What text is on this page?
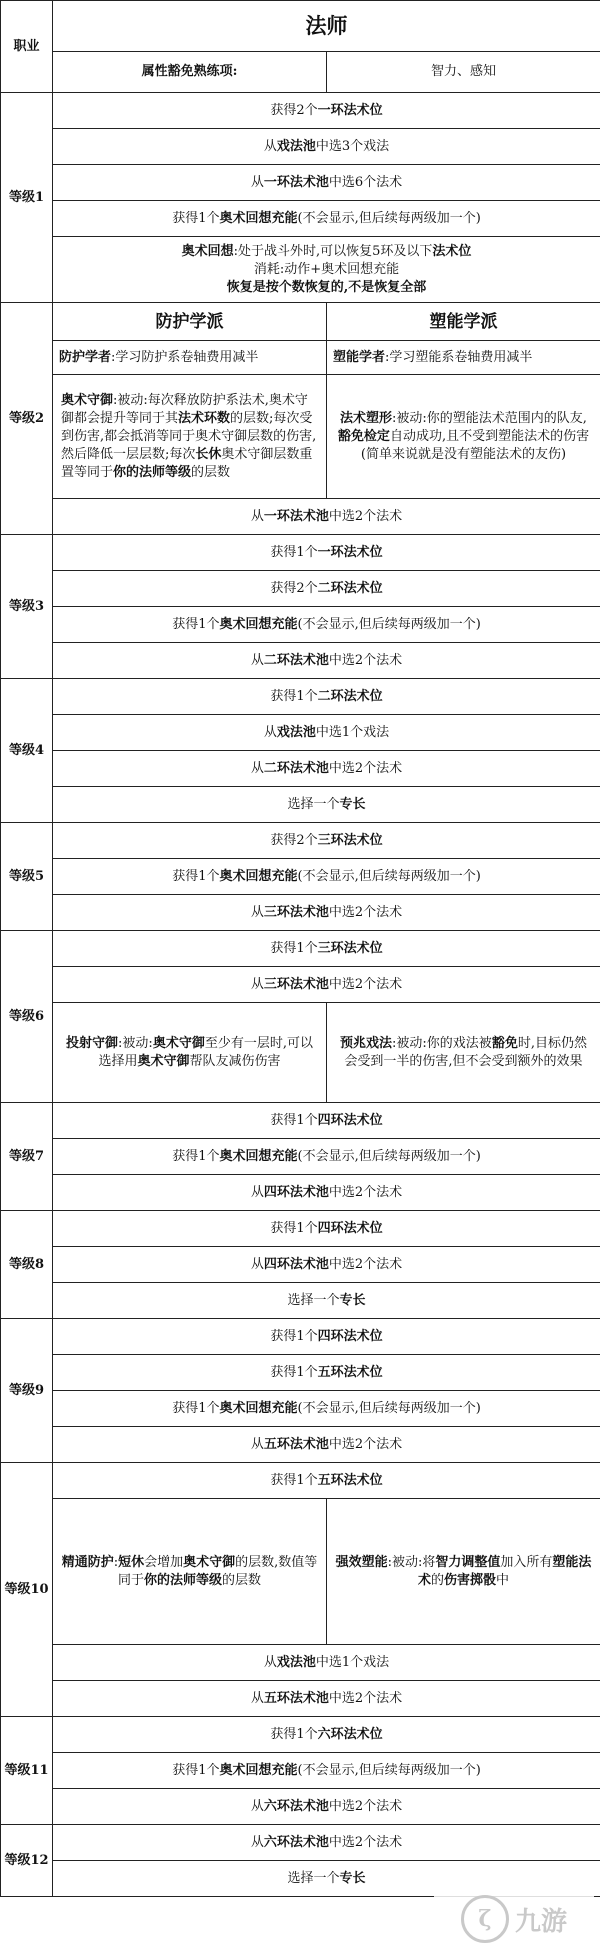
职业	法师	
	属性豁免熟练项:	智力、感知
等级1	获得2个一环法术位	
	从戏法池中选3个戏法	
	从一环法术池中选6个法术	
	获得1个奥术回想充能(不会显示,但后续每两级加一个)	

	奥术回想:处于战斗外时,可以恢复5环及以下法术位
消耗:动作+奥术回想充能
恢复是按个数恢复的,不是恢复全部	

等级2	防护学派	塑能学派
	防护学者:学习防护系卷轴费用减半	塑能学者:学习塑能系卷轴费用减半
	奥术守御:被动:每次释放防护系法术,奥术守御都会提升等同于其法术环数的层数;每次受到伤害,都会抵消等同于奥术守御层数的伤害,然后降低一层层数;每次长休奥术守御层数重置等同于你的法师等级的层数	法术塑形:被动:你的塑能法术范围内的队友,豁免检定自动成功,且不受到塑能法术的伤害
(简单来说就是没有塑能法术的友伤)
	从一环法术池中选2个法术	
等级3	获得1个一环法术位	
	获得2个二环法术位	
	获得1个奥术回想充能(不会显示,但后续每两级加一个)	
	从二环法术池中选2个法术	
等级4	获得1个二环法术位	
	从戏法池中选1个戏法	
	从二环法术池中选2个法术	
	选择一个专长	
等级5	获得2个三环法术位	
	获得1个奥术回想充能(不会显示,但后续每两级加一个)	
	从三环法术池中选2个法术	
等级6	获得1个三环法术位	
	从三环法术池中选2个法术	
	投射守御:被动:奥术守御至少有一层时,可以选择用奥术守御帮队友减伤伤害	预兆戏法:被动:你的戏法被豁免时,目标仍然会受到一半的伤害,但不会受到额外的效果
等级7	获得1个四环法术位	
	获得1个奥术回想充能(不会显示,但后续每两级加一个)	
	从四环法术池中选2个法术	
等级8	获得1个四环法术位	
	从四环法术池中选2个法术	
	选择一个专长	
等级9	获得1个四环法术位	
	获得1个五环法术位	
	获得1个奥术回想充能(不会显示,但后续每两级加一个)	
	从五环法术池中选2个法术	
等级10	获得1个五环法术位	
	精通防护:短休会增加奥术守御的层数,数值等同于你的法师等级的层数	强效塑能:被动:将智力调整值加入所有塑能法术的伤害掷骰中
	从戏法池中选1个戏法	
	从五环法术池中选2个法术	
等级11	获得1个六环法术位	
	获得1个奥术回想充能(不会显示,但后续每两级加一个)	
	从六环法术池中选2个法术	
等级12	从六环法术池中选2个法术	
	选择一个专长	
ζ 九游
